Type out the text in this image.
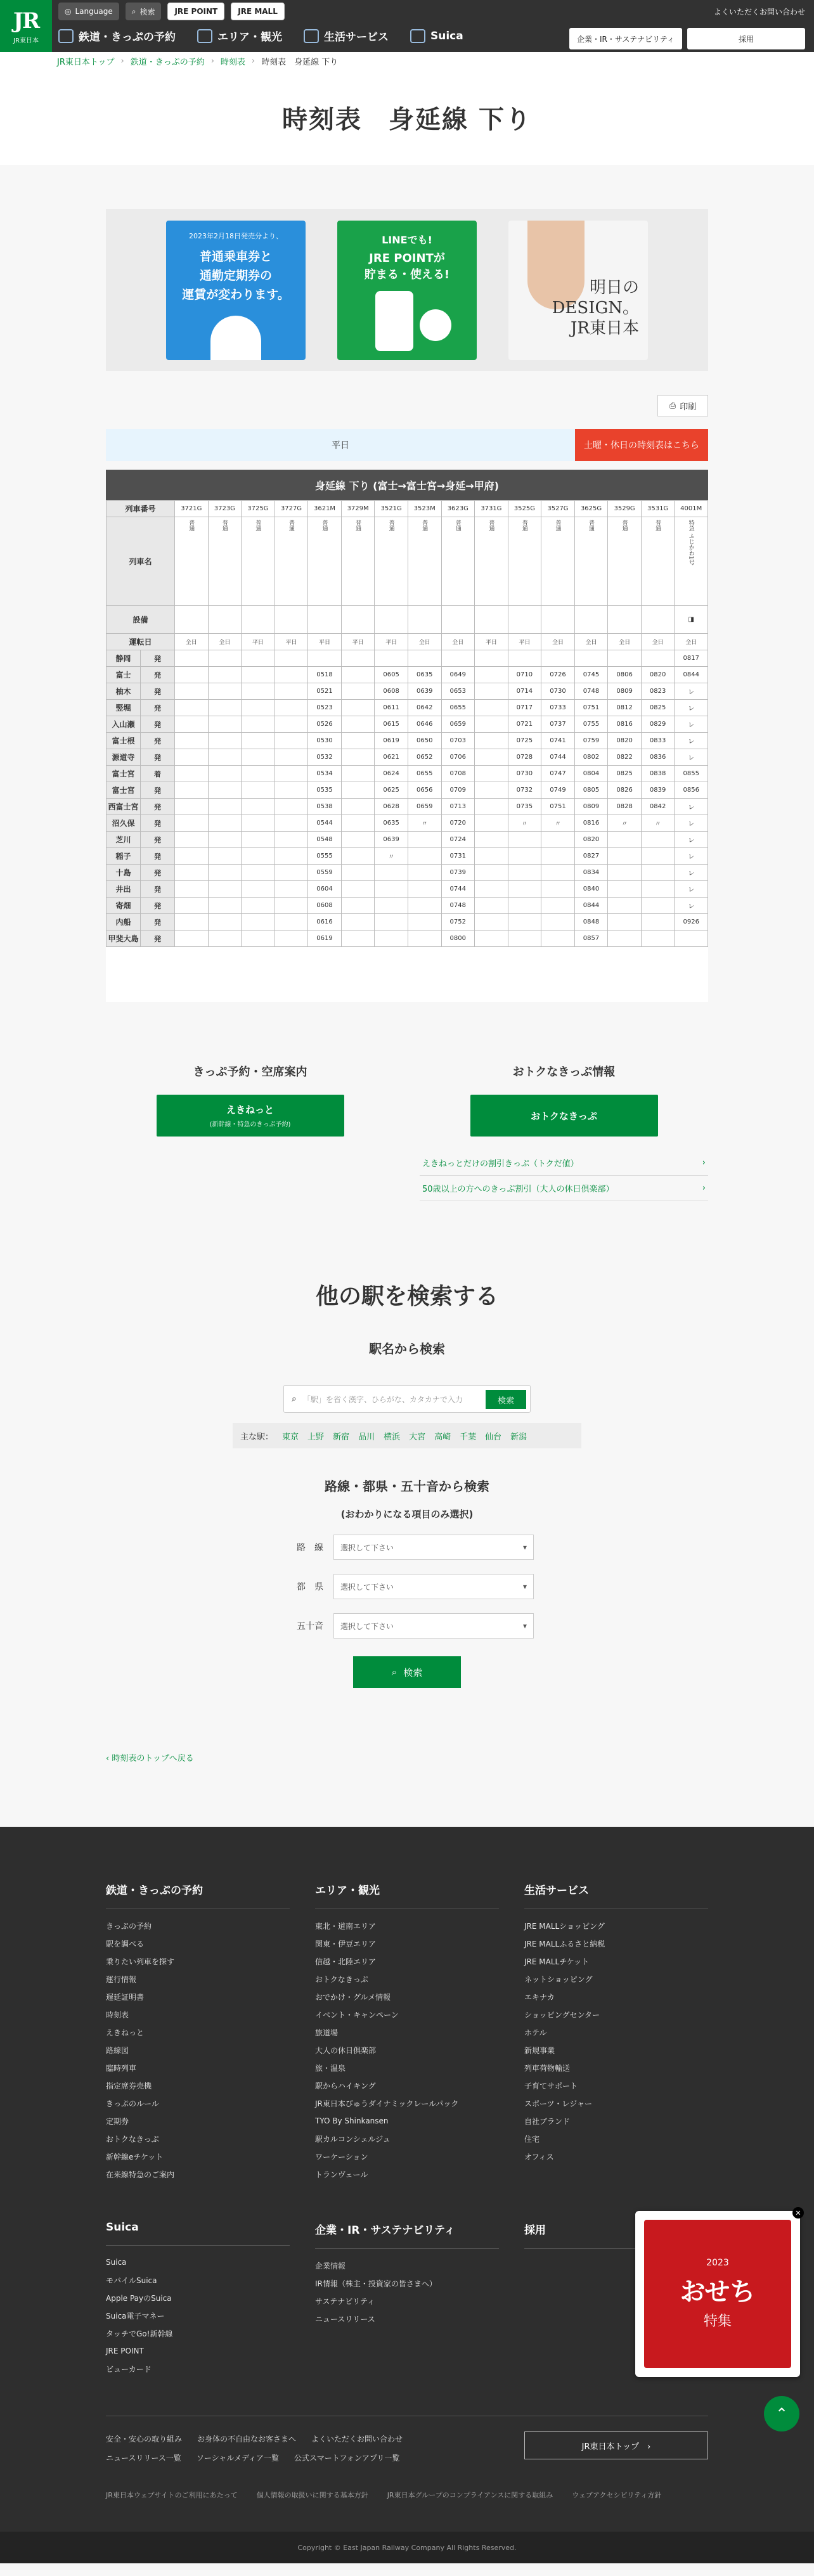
JR
JR東日本
◎ Language	⌕ 検索	JRE POINT	JRE MALL	よくいただくお問い合わせ
鉄道・きっぷの予約	エリア・観光	生活サービス	Suica	企業・IR・サステナビリティ	採用
JR東日本トップ › 鉄道・きっぷの予約 › 時刻表 › 時刻表　身延線 下り
時刻表　身延線 下り
2023年2月18日発売分より、
普通乗車券と
通勤定期券の
運賃が変わります。
LINEでも!
JRE POINTが
貯まる・使える!
明日の
DESIGN。
JR東日本
⎙ 印刷
平日	土曜・休日の時刻表はこちら
身延線 下り (富士→富士宮→身延→甲府)
列車番号		3721G	3723G	3725G	3727G	3621M	3729M	3521G	3523M	3623G	3731G	3525G	3527G	3625G	3529G	3531G	4001M
列車名		普通	普通	普通	普通	普通	普通	普通	普通	普通	普通	普通	普通	普通	普通	普通	特急 ふじかわ1号
設備																	◨
運転日		全日	全日	平日	平日	平日	平日	平日	全日	全日	平日	平日	全日	全日	全日	全日	全日
静岡	発																0817
富士	発					0518		0605	0635	0649		0710	0726	0745	0806	0820	0844
柚木	発					0521		0608	0639	0653		0714	0730	0748	0809	0823	レ
竪堀	発					0523		0611	0642	0655		0717	0733	0751	0812	0825	レ
入山瀬	発					0526		0615	0646	0659		0721	0737	0755	0816	0829	レ
富士根	発					0530		0619	0650	0703		0725	0741	0759	0820	0833	レ
源道寺	発					0532		0621	0652	0706		0728	0744	0802	0822	0836	レ
富士宮	着					0534		0624	0655	0708		0730	0747	0804	0825	0838	0855
富士宮	発					0535		0625	0656	0709		0732	0749	0805	0826	0839	0856
西富士宮	発					0538		0628	0659	0713		0735	0751	0809	0828	0842	レ
沼久保	発					0544		0635	〃	0720		〃	〃	0816	〃	〃	レ
芝川	発					0548		0639		0724				0820			レ
稲子	発					0555		〃		0731				0827			レ
十島	発					0559				0739				0834			レ
井出	発					0604				0744				0840			レ
寄畑	発					0608				0748				0844			レ
内船	発					0616				0752				0848			0926
甲斐大島	発					0619				0800				0857			
きっぷ予約・空席案内
えきねっと
(新幹線・特急のきっぷ予約)
おトクなきっぷ情報
おトクなきっぷ
えきねっとだけの割引きっぷ（トクだ値）	›
50歳以上の方へのきっぷ割引（大人の休日倶楽部）	›
他の駅を検索する
駅名から検索
⌕ 「駅」を省く漢字、ひらがな、カタカナで入力	検索
主な駅： 東京 上野 新宿 品川 横浜 大宮 高崎 千葉 仙台 新潟
路線・都県・五十音から検索
(おわかりになる項目のみ選択)
路　線 選択して下さい	▾
都　県 選択して下さい	▾
五十音 選択して下さい	▾
⌕ 検索
‹ 時刻表のトップへ戻る
鉄道・きっぷの予約
きっぷの予約
駅を調べる
乗りたい列車を探す
運行情報
遅延証明書
時刻表
えきねっと
路線図
臨時列車
指定席券売機
きっぷのルール
定期券
おトクなきっぷ
新幹線eチケット
在来線特急のご案内
エリア・観光
東北・道南エリア
関東・伊豆エリア
信越・北陸エリア
おトクなきっぷ
おでかけ・グルメ情報
イベント・キャンペーン
旅道場
大人の休日倶楽部
旅・温泉
駅からハイキング
JR東日本びゅうダイナミックレールパック
TYO By Shinkansen
駅カルコンシェルジュ
ワーケーション
トランヴェール
生活サービス
JRE MALLショッピング
JRE MALLふるさと納税
JRE MALLチケット
ネットショッピング
エキナカ
ショッピングセンター
ホテル
新規事業
列車荷物輸送
子育てサポート
スポーツ・レジャー
自社ブランド
住宅
オフィス
Suica
Suica
モバイルSuica
Apple PayのSuica
Suica電子マネー
タッチでGo!新幹線
JRE POINT
ビューカード
企業・IR・サステナビリティ
企業情報
IR情報（株主・投資家の皆さまへ）
サステナビリティ
ニュースリリース
採用
安全・安心の取り組み お身体の不自由なお客さまへ よくいただくお問い合わせ
ニュースリリース一覧 ソーシャルメディア一覧 公式スマートフォンアプリ一覧
JR東日本トップ 　›
JR東日本ウェブサイトのご利用にあたって	個人情報の取扱いに関する基本方針	JR東日本グループのコンプライアンスに関する取組み	ウェブアクセシビリティ方針
Copyright © East Japan Railway Company All Rights Reserved.
✕
2023
おせち
特集
⌃
